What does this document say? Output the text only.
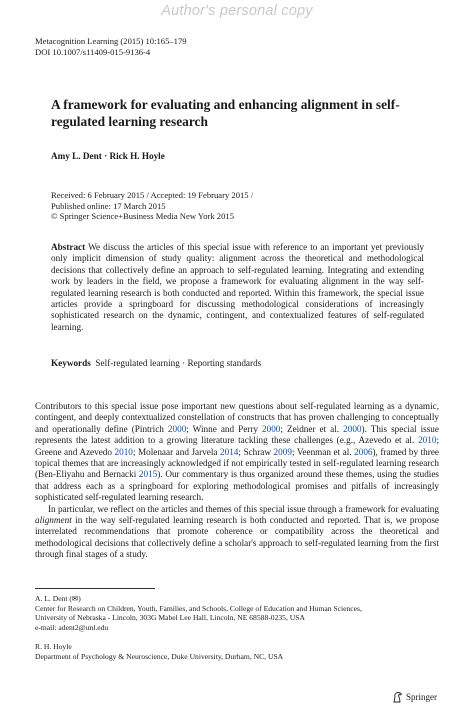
Author's personal copy
Metacognition Learning (2015) 10:165–179
DOI 10.1007/s11409-015-9136-4
A framework for evaluating and enhancing alignment in self-regulated learning research
Amy L. Dent · Rick H. Hoyle
Received: 6 February 2015 / Accepted: 19 February 2015 /
Published online: 17 March 2015
© Springer Science+Business Media New York 2015

Abstract We discuss the articles of this special issue with reference to an important yet previously only implicit dimension of study quality: alignment across the theoretical and methodological decisions that collectively define an approach to self-regulated learning. Integrating and extending work by leaders in the field, we propose a framework for evaluating alignment in the way self-regulated learning research is both conducted and reported. Within this framework, the special issue articles provide a springboard for discussing methodological considerations of increasingly sophisticated research on the dynamic, contingent, and contextualized features of self-regulated learning.

Keywords Self-regulated learning · Reporting standards

Contributors to this special issue pose important new questions about self-regulated learning as a dynamic, contingent, and deeply contextualized constellation of constructs that has proven challenging to conceptually and operationally define (Pintrich 2000; Winne and Perry 2000; Zeidner et al. 2000). This special issue represents the latest addition to a growing literature tackling these challenges (e.g., Azevedo et al. 2010; Greene and Azevedo 2010; Molenaar and Jarvela 2014; Schraw 2009; Veenman et al. 2006), framed by three topical themes that are increasingly acknowledged if not empirically tested in self-regulated learning research (Ben-Eliyahu and Bernacki 2015). Our commentary is thus organized around these themes, using the studies that address each as a springboard for exploring methodological promises and pitfalls of increasingly sophisticated self-regulated learning research.

In particular, we reflect on the articles and themes of this special issue through a framework for evaluating alignment in the way self-regulated learning research is both conducted and reported. That is, we propose interrelated recommendations that promote coherence or compatibility across the theoretical and methodological decisions that collectively define a scholar's approach to self-regulated learning from the first through final stages of a study.

A. L. Dent (✉)
Center for Research on Children, Youth, Families, and Schools, College of Education and Human Sciences,
University of Nebraska - Lincoln, 303G Mabel Lee Hall, Lincoln, NE 68588-0235, USA
e-mail: adent2@unl.edu
R. H. Hoyle
Department of Psychology & Neuroscience, Duke University, Durham, NC, USA
Springer
